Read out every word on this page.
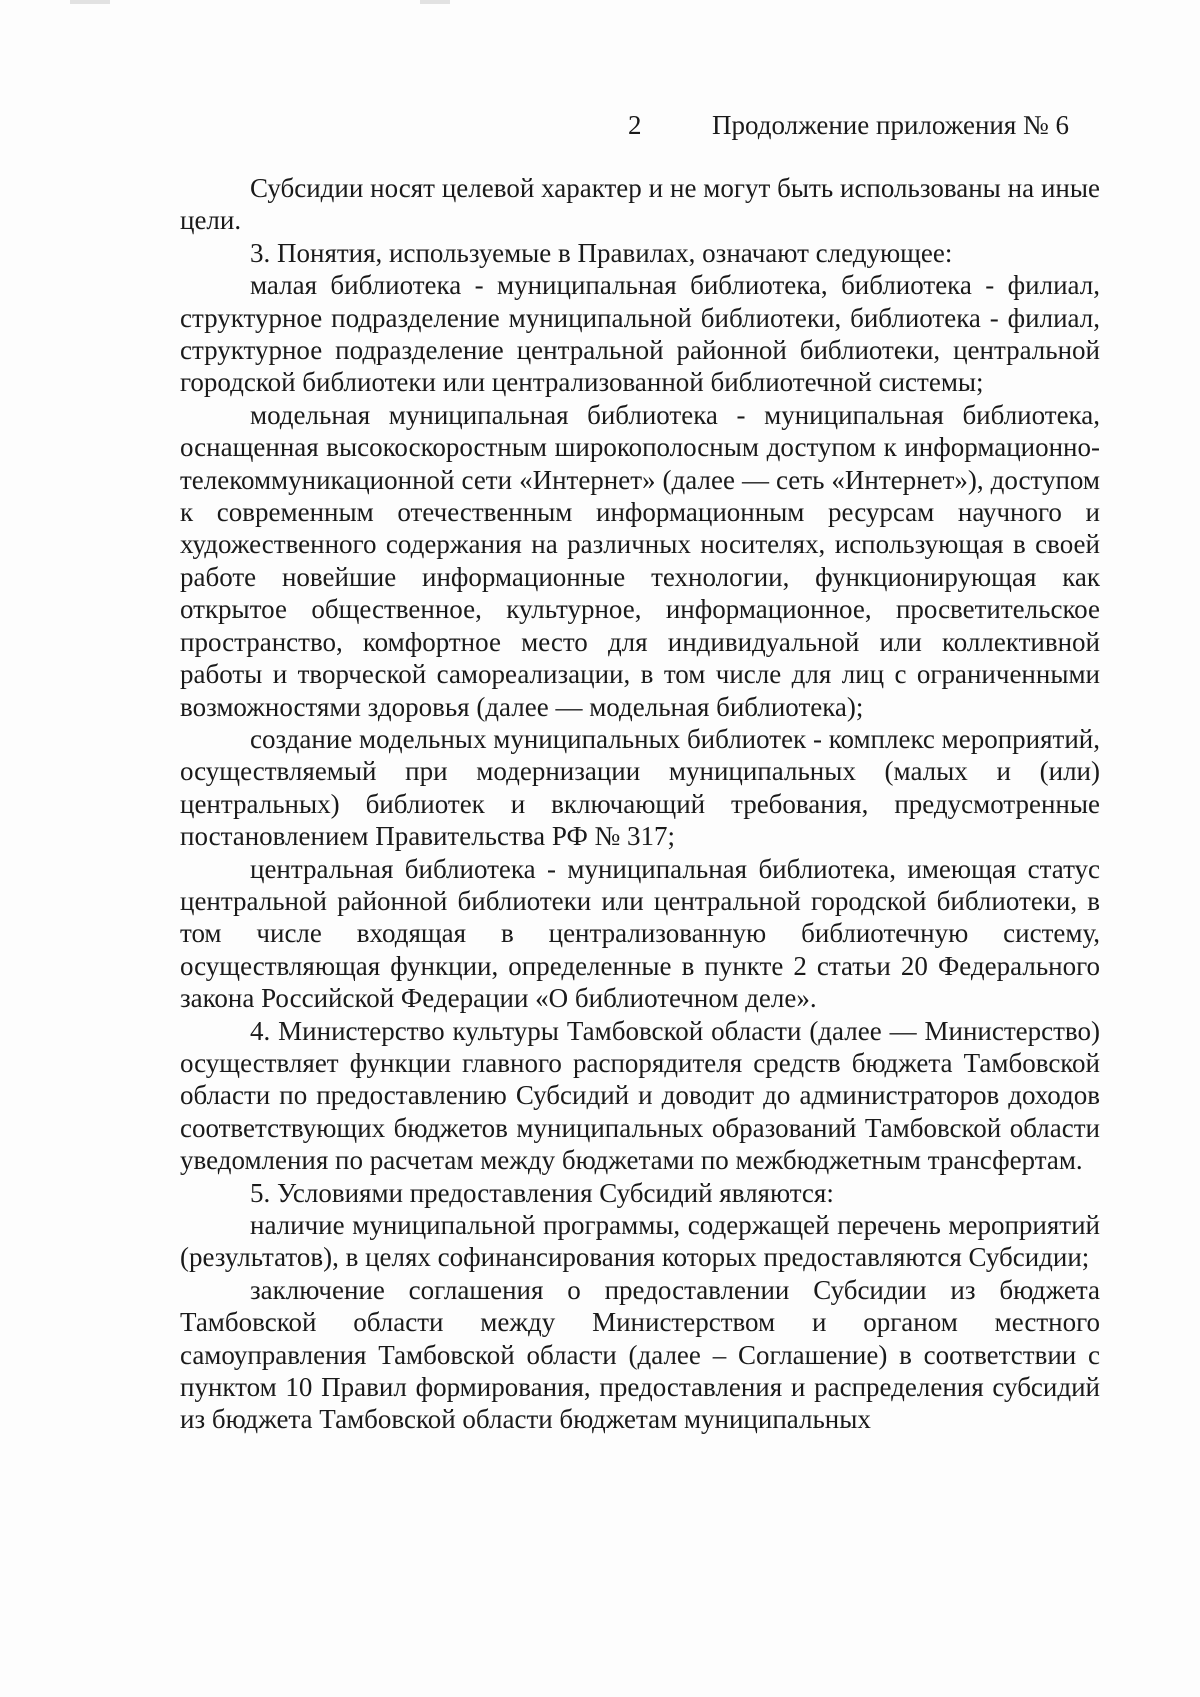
2	Продолжение приложения № 6

Субсидии носят целевой характер и не могут быть использованы на иные цели.

3. Понятия, используемые в Правилах, означают следующее:

малая библиотека - муниципальная библиотека, библиотека - филиал, структурное подразделение муниципальной библиотеки, библиотека - филиал, структурное подразделение центральной районной библиотеки, центральной городской библиотеки или централизованной библиотечной системы;

модельная муниципальная библиотека - муниципальная библиотека, оснащенная высокоскоростным широкополосным доступом к информационно-телекоммуникационной сети «Интернет» (далее — сеть «Интернет»), доступом к современным отечественным информационным ресурсам научного и художественного содержания на различных носителях, использующая в своей работе новейшие информационные технологии, функционирующая как открытое общественное, культурное, информационное, просветительское пространство, комфортное место для индивидуальной или коллективной работы и творческой самореализации, в том числе для лиц с ограниченными возможностями здоровья (далее — модельная библиотека);

создание модельных муниципальных библиотек - комплекс мероприятий, осуществляемый при модернизации муниципальных (малых и (или) центральных) библиотек и включающий требования, предусмотренные постановлением Правительства РФ № 317;

центральная библиотека - муниципальная библиотека, имеющая статус центральной районной библиотеки или центральной городской библиотеки, в том числе входящая в централизованную библиотечную систему, осуществляющая функции, определенные в пункте 2 статьи 20 Федерального закона Российской Федерации «О библиотечном деле».

4. Министерство культуры Тамбовской области (далее — Министерство) осуществляет функции главного распорядителя средств бюджета Тамбовской области по предоставлению Субсидий и доводит до администраторов доходов соответствующих бюджетов муниципальных образований Тамбовской области уведомления по расчетам между бюджетами по межбюджетным трансфертам.

5. Условиями предоставления Субсидий являются:

наличие муниципальной программы, содержащей перечень мероприятий (результатов), в целях софинансирования которых предоставляются Субсидии;

заключение соглашения о предоставлении Субсидии из бюджета Тамбовской области между Министерством и органом местного самоуправления Тамбовской области (далее – Соглашение) в соответствии с пунктом 10 Правил формирования, предоставления и распределения субсидий из бюджета Тамбовской области бюджетам муниципальных
